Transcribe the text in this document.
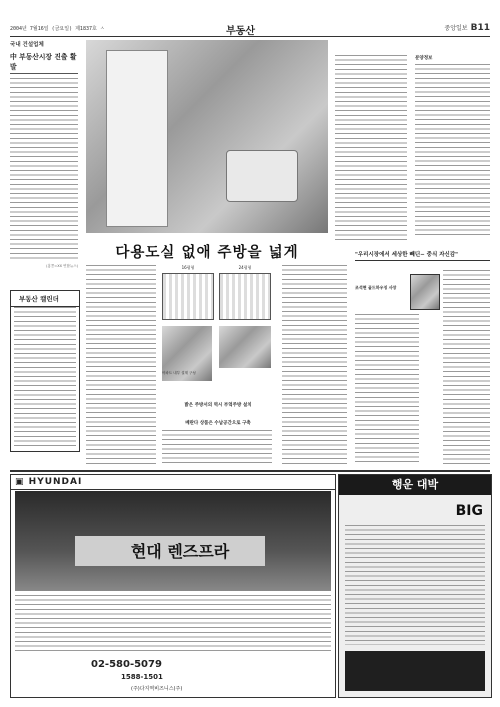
2004년 7월16일 (금요일) 제1837호 ㅅ	부동산	중앙일보 B11
국내 건설업체
中 부동산시장 진출 활발
(홍콩=XX 연합뉴스)
부동산 캘린더
분양정보
다용도실 없애 주방을 넓게
16평형	24평형
아파트 내부 설계 구성
밝은 주방서의 역시 부엌주방 설치
베란다 상품은 수납공간으로 구축
"우리시장에서 세상한 빼딘− 중식 자신감"
조석현 골드하우징 사장
▣ HYUNDAI
현대 렌즈프라
02-580-5079
1588-1501
(주)다지역비즈니스(주)
행운 대박
BIG
